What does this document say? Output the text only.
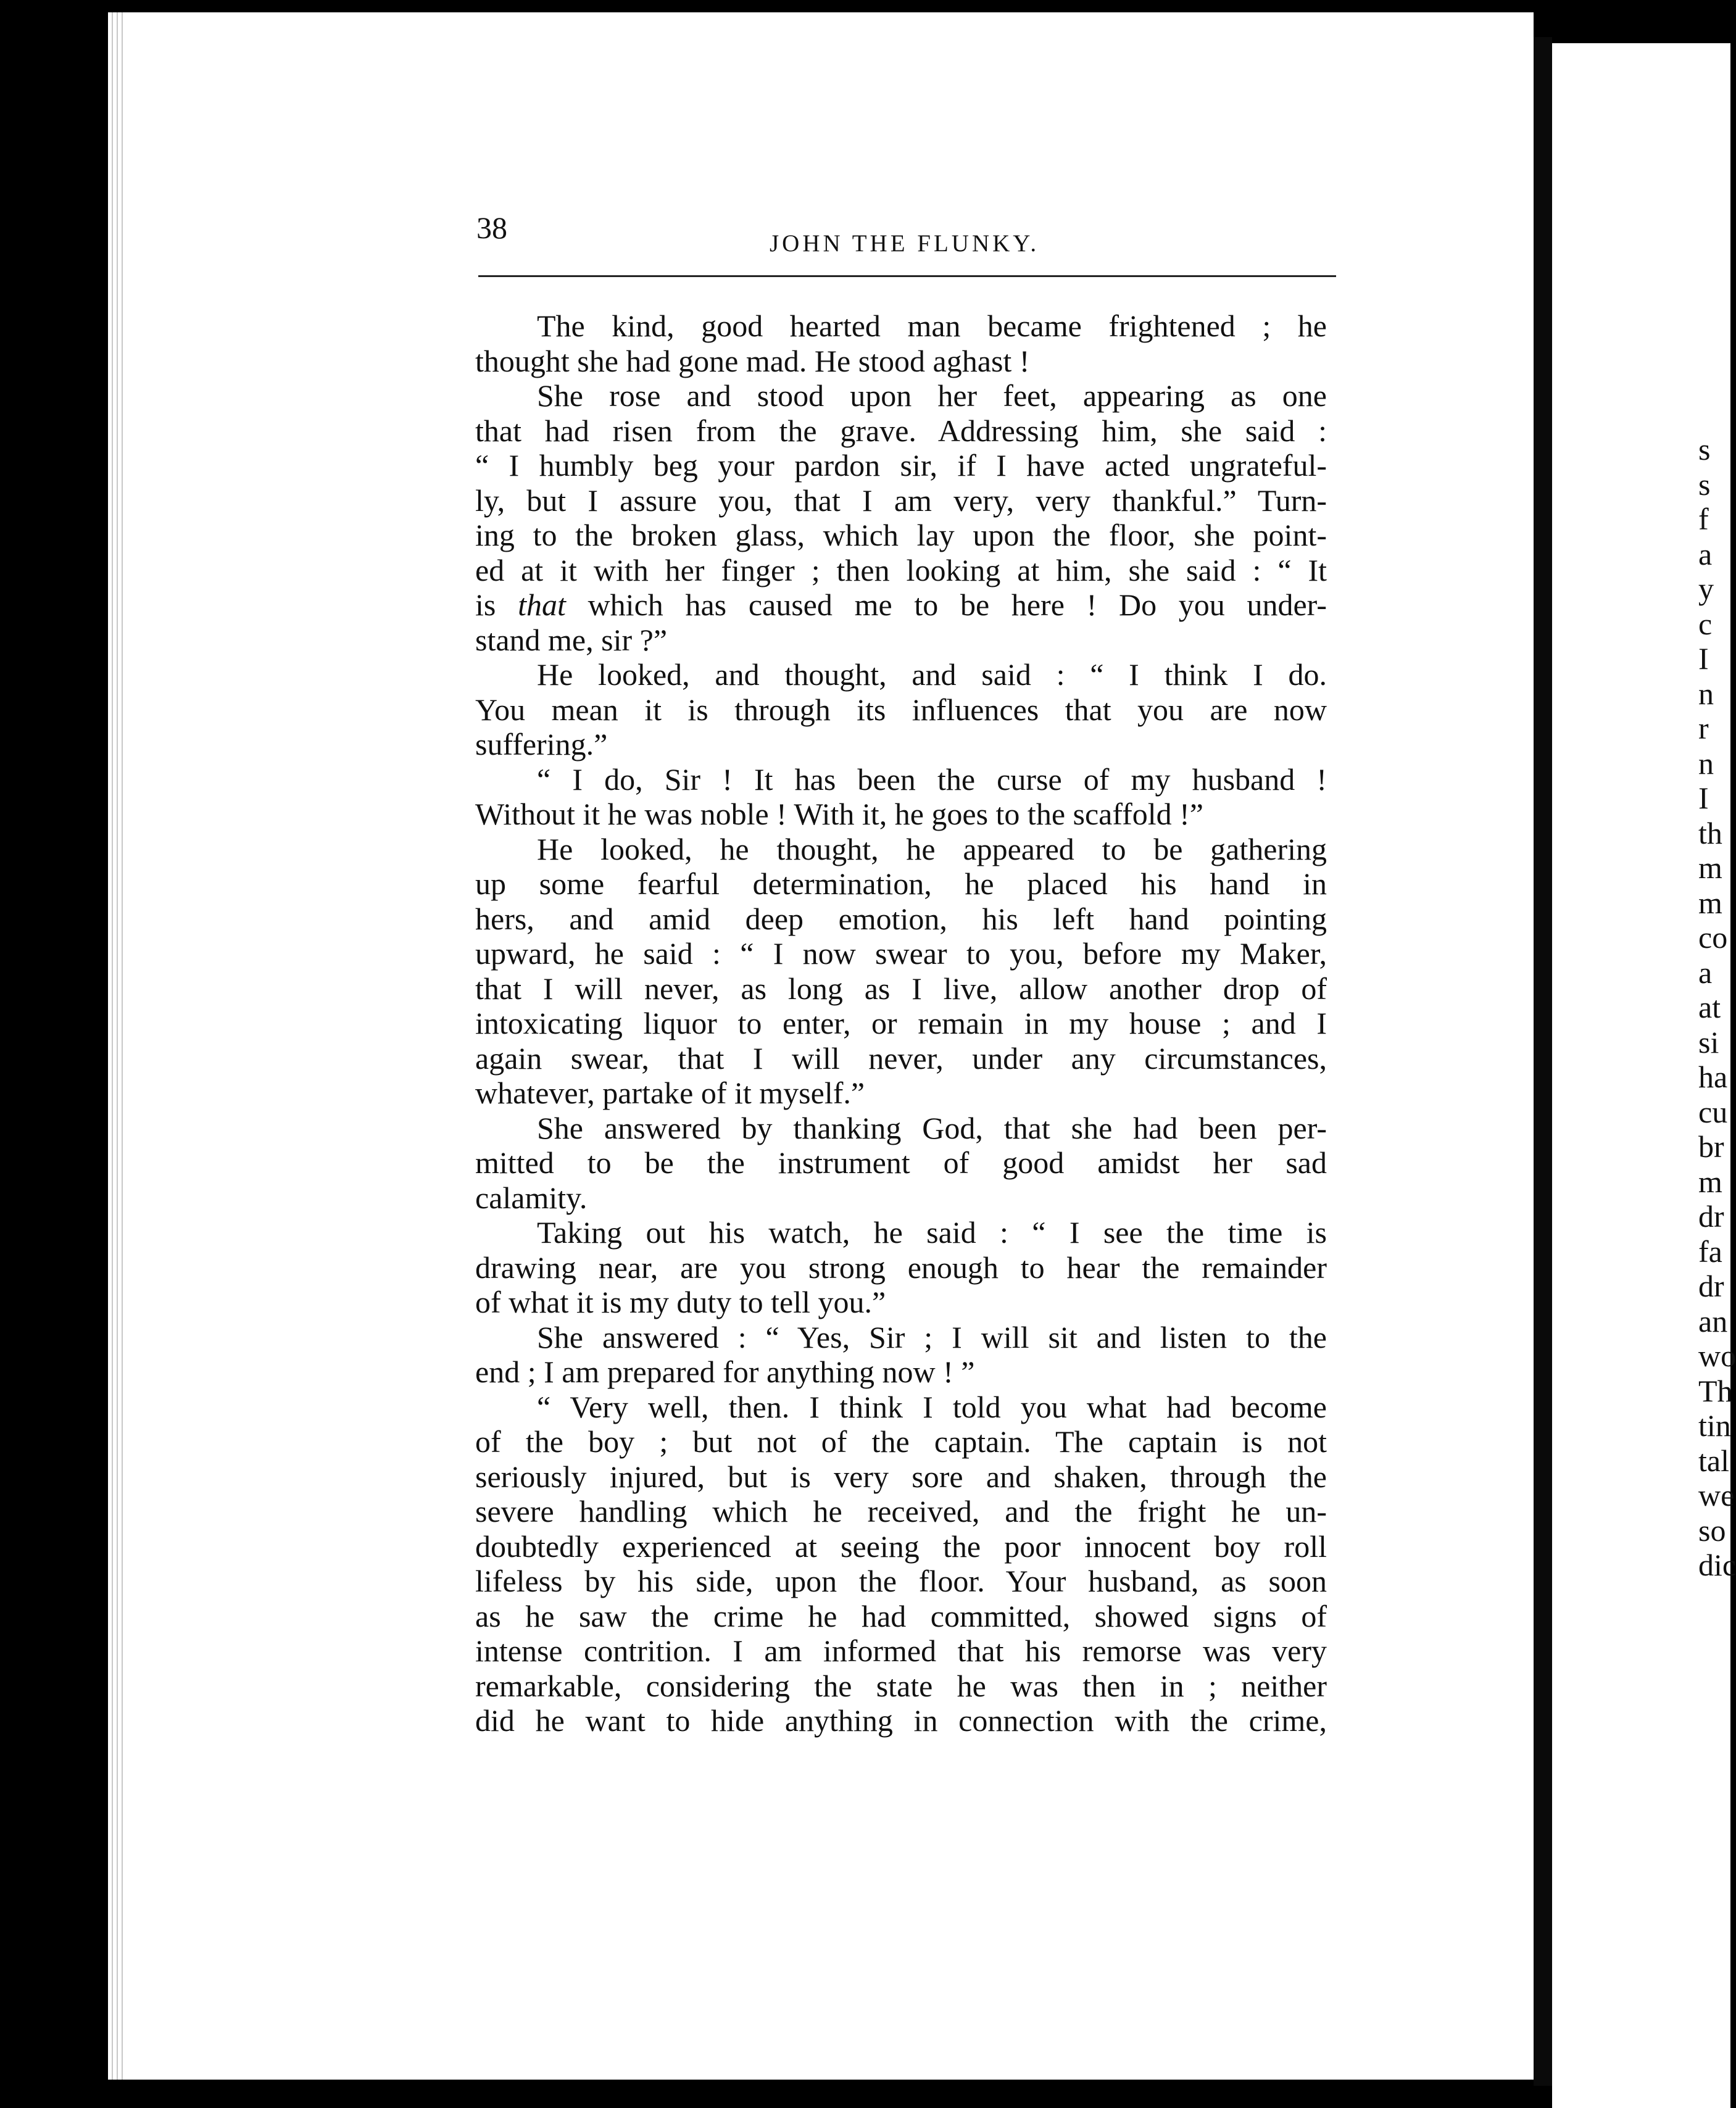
38	JOHN THE FLUNKY.
The kind, good hearted man became frightened ; he
thought she had gone mad. He stood aghast !
She rose and stood upon her feet, appearing as one
that had risen from the grave. Addressing him, she said :
“ I humbly beg your pardon sir, if I have acted ungrateful-
ly, but I assure you, that I am very, very thankful.” Turn-
ing to the broken glass, which lay upon the floor, she point-
ed at it with her finger ; then looking at him, she said : “ It
is that which has caused me to be here ! Do you under-
stand me, sir ?”
He looked, and thought, and said : “ I think I do.
You mean it is through its influences that you are now
suffering.”
“ I do, Sir ! It has been the curse of my husband !
Without it he was noble ! With it, he goes to the scaffold !”
He looked, he thought, he appeared to be gathering
up some fearful determination, he placed his hand in
hers, and amid deep emotion, his left hand pointing
upward, he said : “ I now swear to you, before my Maker,
that I will never, as long as I live, allow another drop of
intoxicating liquor to enter, or remain in my house ; and I
again swear, that I will never, under any circumstances,
whatever, partake of it myself.”
She answered by thanking God, that she had been per-
mitted to be the instrument of good amidst her sad
calamity.
Taking out his watch, he said : “ I see the time is
drawing near, are you strong enough to hear the remainder
of what it is my duty to tell you.”
She answered : “ Yes, Sir ; I will sit and listen to the
end ; I am prepared for anything now ! ”
“ Very well, then. I think I told you what had become
of the boy ; but not of the captain. The captain is not
seriously injured, but is very sore and shaken, through the
severe handling which he received, and the fright he un-
doubtedly experienced at seeing the poor innocent boy roll
lifeless by his side, upon the floor. Your husband, as soon
as he saw the crime he had committed, showed signs of
intense contrition. I am informed that his remorse was very
remarkable, considering the state he was then in ; neither
did he want to hide anything in connection with the crime,
s
s
f
a
y
c
I
n
r
n
I
th
m
m
co
a
at
si
ha
cu
br
m
dr
fa
dr
an
wo
Th
tin
tal
we
so
dic
